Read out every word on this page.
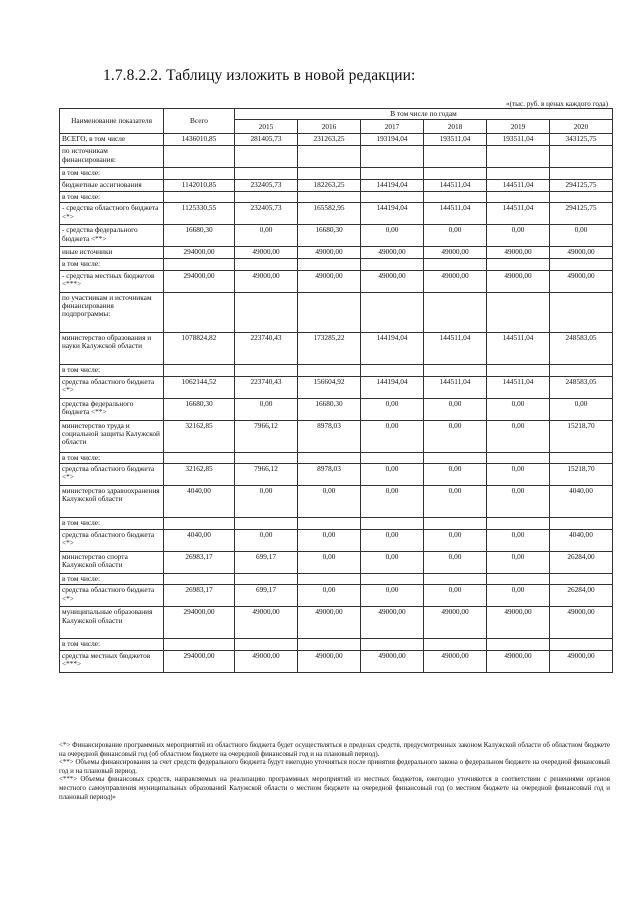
1.7.8.2.2. Таблицу изложить в новой редакции:
«(тыс. руб. в ценах каждого года)
Наименование показателя	Всего	В том числе по годам					
		2015	2016	2017	2018	2019	2020
ВСЕГО, в том числе	1436010,85	281405,73	231263,25	193194,04	193511,04	193511,04	343125,75
по источникам финансирования:							
в том числе:							
бюджетные ассигнования	1142010,85	232405,73	182263,25	144194,04	144511,04	144511,04	294125,75
в том числе:							
- средства областного бюджета <*>	1125330,55	232405,73	165582,95	144194,04	144511,04	144511,04	294125,75
- средства федерального бюджета <**>	16680,30	0,00	16680,30	0,00	0,00	0,00	0,00
иные источники	294000,00	49000,00	49000,00	49000,00	49000,00	49000,00	49000,00
в том числе:							
- средства местных бюджетов <***>	294000,00	49000,00	49000,00	49000,00	49000,00	49000,00	49000,00
по участникам и источникам финансирования подпрограммы:							
министерство образования и науки Калужской области	1078824,82	223740,43	173285,22	144194,04	144511,04	144511,04	248583,05
в том числе:							
средства областного бюджета <*>	1062144,52	223740,43	156604,92	144194,04	144511,04	144511,04	248583,05
средства федерального бюджета <**>	16680,30	0,00	16680,30	0,00	0,00	0,00	0,00
министерство труда и социальной защиты Калужской области	32162,85	7966,12	8978,03	0,00	0,00	0,00	15218,70
в том числе:							
средства областного бюджета <*>	32162,85	7966,12	8978,03	0,00	0,00	0,00	15218,70
министерство здравоохранения Калужской области	4040,00	0,00	0,00	0,00	0,00	0,00	4040,00
в том числе:							
средства областного бюджета <*>	4040,00	0,00	0,00	0,00	0,00	0,00	4040,00
министерство спорта Калужской области	26983,17	699,17	0,00	0,00	0,00	0,00	26284,00
в том числе:							
средства областного бюджета <*>	26983,17	699,17	0,00	0,00	0,00	0,00	26284,00
муниципальные образования Калужской области	294000,00	49000,00	49000,00	49000,00	49000,00	49000,00	49000,00
в том числе:							
средства местных бюджетов <***>	294000,00	49000,00	49000,00	49000,00	49000,00	49000,00	49000,00

<*> Финансирование программных мероприятий из областного бюджета будет осуществляться в пределах средств, предусмотренных законом Калужской области об областном бюджете на очередной финансовый год (об областном бюджете на очередной финансовый год и на плановый период).

<**> Объемы финансирования за счет средств федерального бюджета будут ежегодно уточняться после принятия федерального закона о федеральном бюджете на очередной финансовый год и на плановый период.

<***> Объемы финансовых средств, направляемых на реализацию программных мероприятий из местных бюджетов, ежегодно уточняются в соответствии с решениями органов местного самоуправления муниципальных образований Калужской области о местном бюджете на очередной финансовый год (о местном бюджете на очередной финансовый год и плановый период)»
